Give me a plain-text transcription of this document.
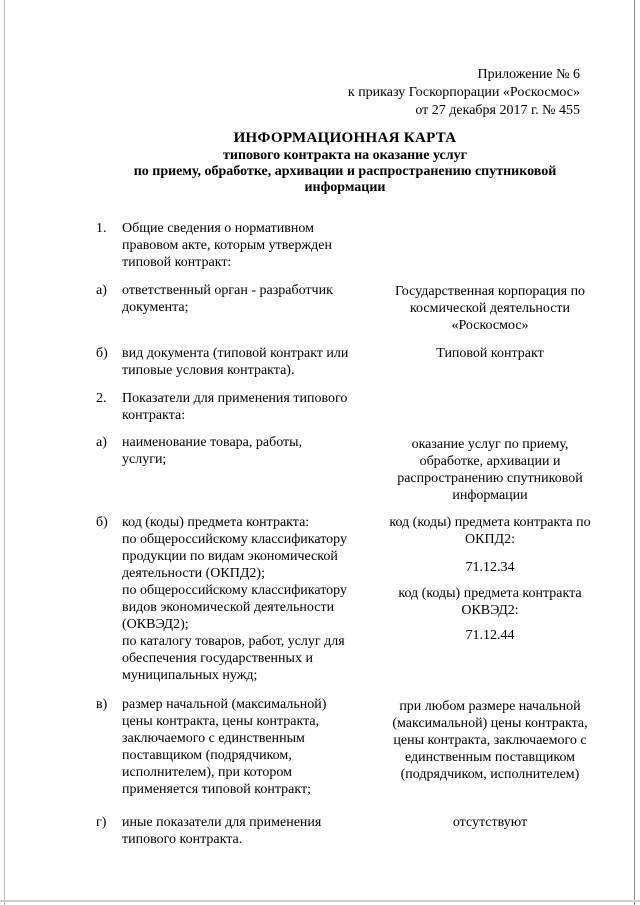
Приложение № 6
к приказу Госкорпорации «Роскосмос»
от 27 декабря 2017 г. № 455
ИНФОРМАЦИОННАЯ КАРТА
типового контракта на оказание услуг
по приему, обработке, архивации и распространению спутниковой
информации
1. Общие сведения о нормативном
правовом акте, которым утвержден
типовой контракт:
а) ответственный орган - разработчик
документа;
Государственная корпорация по
космической деятельности
«Роскосмос»
б) вид документа (типовой контракт или
типовые условия контракта).
Типовой контракт
2. Показатели для применения типового
контракта:
а) наименование товара, работы,
услуги;
оказание услуг по приему,
обработке, архивации и
распространению спутниковой
информации
б) код (коды) предмета контракта:
по общероссийскому классификатору
продукции по видам экономической
деятельности (ОКПД2);
по общероссийскому классификатору
видов экономической деятельности
(ОКВЭД2);
по каталогу товаров, работ, услуг для
обеспечения государственных и
муниципальных нужд;
код (коды) предмета контракта по
ОКПД2:
71.12.34
код (коды) предмета контракта
ОКВЭД2:
71.12.44
в) размер начальной (максимальной)
цены контракта, цены контракта,
заключаемого с единственным
поставщиком (подрядчиком,
исполнителем), при котором
применяется типовой контракт;
при любом размере начальной
(максимальной) цены контракта,
цены контракта, заключаемого с
единственным поставщиком
(подрядчиком, исполнителем)
г) иные показатели для применения
типового контракта.
отсутствуют
